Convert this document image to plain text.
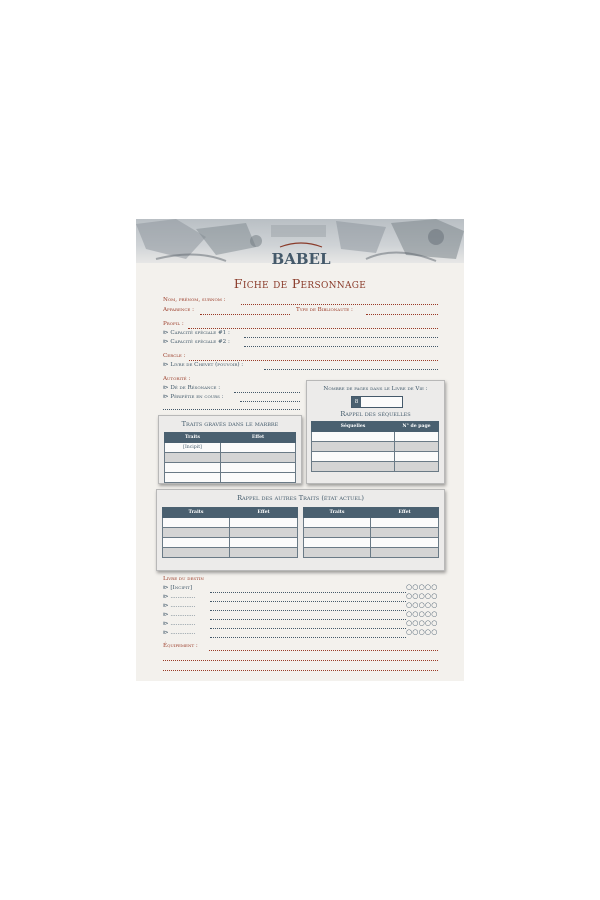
BABEL
Fiche de Personnage
Nom, prénom, surnom :
Apparence :	Type de Biblionaute :
Profil :
⧐ Capacité spéciale #1 :
⧐ Capacité spéciale #2 :
Cercle :
⧐ Livre de Chevet (pouvoir) :
Autorité :
⧐ Dé de Résonance :
⧐ Péripétie en cours :
Traits gravés dans le marbre
Traits	Effet
[Incipit]	

Nombre de pages dans le Livre de Vie :
8
Rappel des séquelles
Séquelles	N° de page

Rappel des autres Traits (état actuel)
Traits	Effet

		Traits	Effet

Livre du destin
⧐ [Incipit]	○○○○○
⧐ ..............	○○○○○
⧐ ..............	○○○○○
⧐ ..............	○○○○○
⧐ ..............	○○○○○
⧐ ..............	○○○○○
Équipement :
